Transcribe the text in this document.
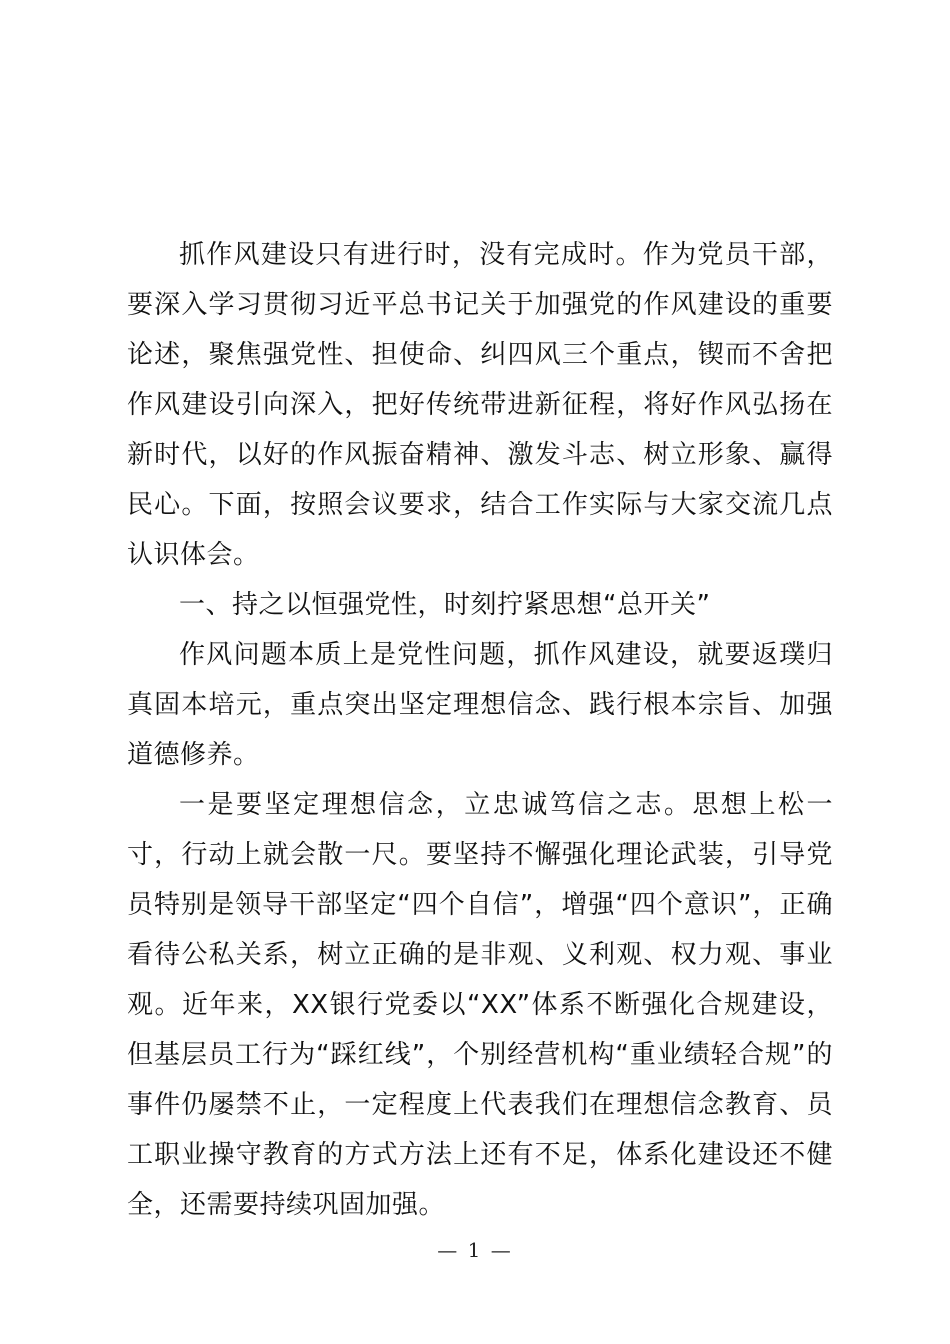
抓作风建设只有进行时，没有完成时。作为党员干部，要深入学习贯彻习近平总书记关于加强党的作风建设的重要论述，聚焦强党性、担使命、纠四风三个重点，锲而不舍把作风建设引向深入，把好传统带进新征程，将好作风弘扬在新时代，以好的作风振奋精神、激发斗志、树立形象、赢得民心。下面，按照会议要求，结合工作实际与大家交流几点认识体会。

一、持之以恒强党性，时刻拧紧思想“总开关”

作风问题本质上是党性问题，抓作风建设，就要返璞归真固本培元，重点突出坚定理想信念、践行根本宗旨、加强道德修养。

一是要坚定理想信念，立忠诚笃信之志。思想上松一寸，行动上就会散一尺。要坚持不懈强化理论武装，引导党员特别是领导干部坚定“四个自信”，增强“四个意识”，正确看待公私关系，树立正确的是非观、义利观、权力观、事业观。近年来，XX银行党委以“XX”体系不断强化合规建设，但基层员工行为“踩红线”，个别经营机构“重业绩轻合规”的事件仍屡禁不止，一定程度上代表我们在理想信念教育、员工职业操守教育的方式方法上还有不足，体系化建设还不健全，还需要持续巩固加强。

— 1 —
